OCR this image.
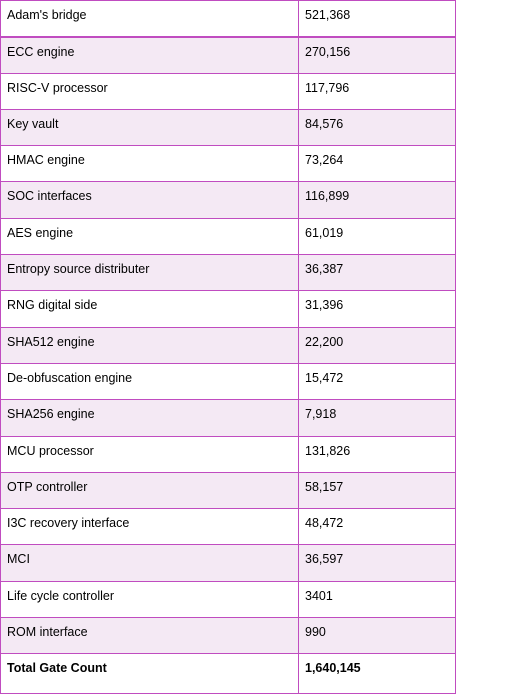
Adam's bridge	521,368
ECC engine	270,156
RISC-V processor	117,796
Key vault	84,576
HMAC engine	73,264
SOC interfaces	116,899
AES engine	61,019
Entropy source distributer	36,387
RNG digital side	31,396
SHA512 engine	22,200
De-obfuscation engine	15,472
SHA256 engine	7,918
MCU processor	131,826
OTP controller	58,157
I3C recovery interface	48,472
MCI	36,597
Life cycle controller	3401
ROM interface	990
Total Gate Count	1,640,145
